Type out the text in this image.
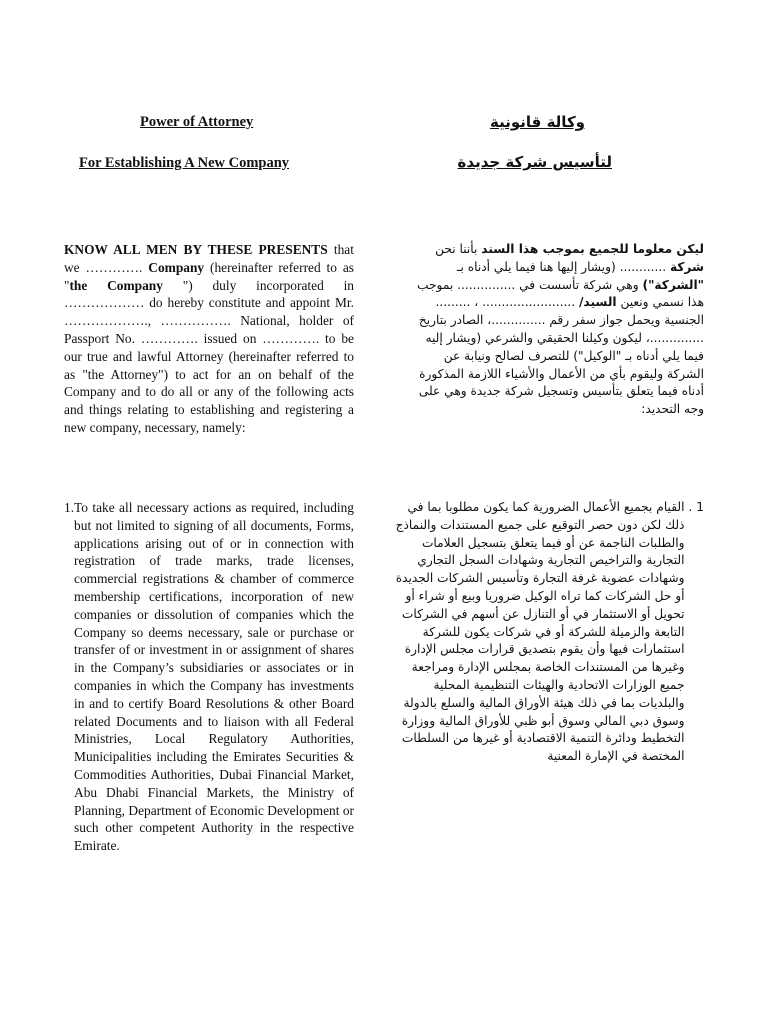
Power of Attorney
For Establishing A New Company
وكالة قانونية
لتأسيس شركة جديدة
KNOW ALL MEN BY THESE PRESENTS that we …………. Company (hereinafter referred to as "the Company ") duly incorporated in ……………… do hereby constitute and appoint Mr. ………………., ……………. National, holder of Passport No. …………. issued on …………. to be our true and lawful Attorney (hereinafter referred to as "the Attorney") to act for an on behalf of the Company and to do all or any of the following acts and things relating to establishing and registering a new company, necessary, namely:
ليكن معلوما للجميع بموجب هذا السند بأننا نحن شركة ............ (ويشار إليها هنا فيما يلي أدناه بـ "الشركة") وهي شركة تأسست في ............... بموجب هذا نسمي ونعين السيد/ ........................ ، ......... الجنسية ويحمل جواز سفر رقم ..............، الصادر بتاريخ ..............، ليكون وكيلنا الحقيقي والشرعي (ويشار إليه فيما يلي أدناه بـ "الوكيل") للتصرف لصالح ونيابة عن الشركة وليقوم بأي من الأعمال والأشياء اللازمة المذكورة أدناه فيما يتعلق بتأسيس وتسجيل شركة جديدة وهي على وجه التحديد:
1. To take all necessary actions as required, including but not limited to signing of all documents, Forms, applications arising out of or in connection with registration of trade marks, trade licenses, commercial registrations & chamber of commerce membership certifications, incorporation of new companies or dissolution of companies which the Company so deems necessary, sale or purchase or transfer of or investment in or assignment of shares in the Company’s subsidiaries or associates or in companies in which the Company has investments in and to certify Board Resolutions & other Board related Documents and to liaison with all Federal Ministries, Local Regulatory Authorities, Municipalities including the Emirates Securities & Commodities Authorities, Dubai Financial Market, Abu Dhabi Financial Markets, the Ministry of Planning, Department of Economic Development or such other competent Authority in the respective Emirate.
1 .
القيام بجميع الأعمال الضرورية كما يكون مطلوبا بما في ذلك لكن دون حصر التوقيع على جميع المستندات والنماذج والطلبات الناجمة عن أو فيما يتعلق بتسجيل العلامات التجارية والتراخيص التجارية وشهادات السجل التجاري وشهادات عضوية غرفة التجارة وتأسيس الشركات الجديدة أو حل الشركات كما تراه الوكيل ضروريا وبيع أو شراء أو تحويل أو الاستثمار في أو التنازل عن أسهم في الشركات التابعة والزميلة للشركة أو في شركات يكون للشركة استثمارات فيها وأن يقوم بتصديق قرارات مجلس الإدارة وغيرها من المستندات الخاصة بمجلس الإدارة ومراجعة جميع الوزارات الاتحادية والهيئات التنظيمية المحلية والبلديات بما في ذلك هيئة الأوراق المالية والسلع بالدولة وسوق دبي المالي وسوق أبو ظبي للأوراق المالية ووزارة التخطيط ودائرة التنمية الاقتصادية أو غيرها من السلطات المختصة في الإمارة المعنية
